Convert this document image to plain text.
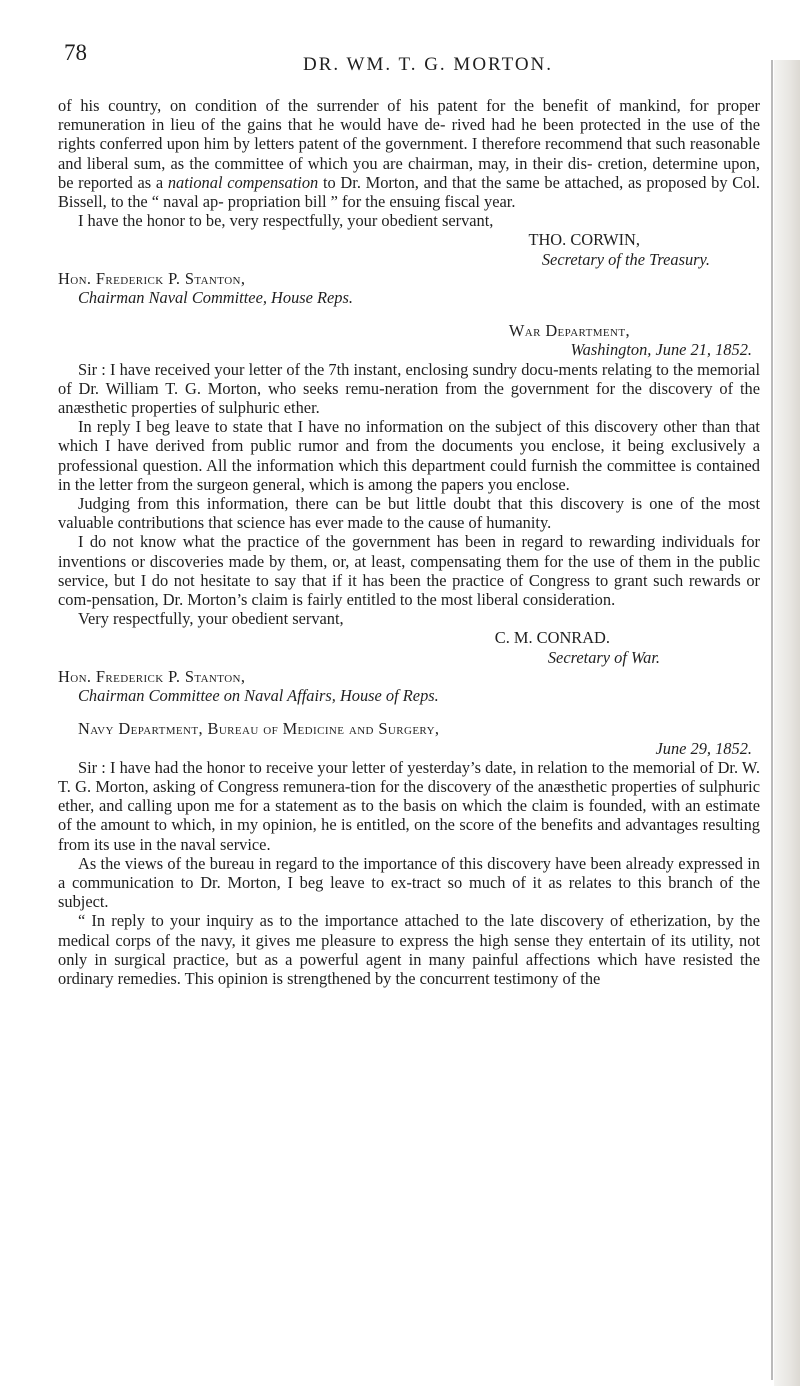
78	DR. WM. T. G. MORTON.
of his country, on condition of the surrender of his patent for the benefit of mankind, for proper remuneration in lieu of the gains that he would have de- rived had he been protected in the use of the rights conferred upon him by letters patent of the government. I therefore recommend that such reasonable and liberal sum, as the committee of which you are chairman, may, in their dis- cretion, determine upon, be reported as a national compensation to Dr. Morton, and that the same be attached, as proposed by Col. Bissell, to the “ naval ap- propriation bill ” for the ensuing fiscal year.

I have the honor to be, very respectfully, your obedient servant,

THO. CORWIN,
Secretary of the Treasury.
Hon. Frederick P. Stanton,
Chairman Naval Committee, House Reps.
War Department,
Washington, June 21, 1852.

Sir : I have received your letter of the 7th instant, enclosing sundry docu-ments relating to the memorial of Dr. William T. G. Morton, who seeks remu-neration from the government for the discovery of the anæsthetic properties of sulphuric ether.

In reply I beg leave to state that I have no information on the subject of this discovery other than that which I have derived from public rumor and from the documents you enclose, it being exclusively a professional question. All the information which this department could furnish the committee is contained in the letter from the surgeon general, which is among the papers you enclose.

Judging from this information, there can be but little doubt that this discovery is one of the most valuable contributions that science has ever made to the cause of humanity.

I do not know what the practice of the government has been in regard to rewarding individuals for inventions or discoveries made by them, or, at least, compensating them for the use of them in the public service, but I do not hesitate to say that if it has been the practice of Congress to grant such rewards or com-pensation, Dr. Morton’s claim is fairly entitled to the most liberal consideration.

Very respectfully, your obedient servant,

C. M. CONRAD.
Secretary of War.
Hon. Frederick P. Stanton,
Chairman Committee on Naval Affairs, House of Reps.
Navy Department, Bureau of Medicine and Surgery,
June 29, 1852.

Sir : I have had the honor to receive your letter of yesterday’s date, in relation to the memorial of Dr. W. T. G. Morton, asking of Congress remunera-tion for the discovery of the anæsthetic properties of sulphuric ether, and calling upon me for a statement as to the basis on which the claim is founded, with an estimate of the amount to which, in my opinion, he is entitled, on the score of the benefits and advantages resulting from its use in the naval service.

As the views of the bureau in regard to the importance of this discovery have been already expressed in a communication to Dr. Morton, I beg leave to ex-tract so much of it as relates to this branch of the subject.

“ In reply to your inquiry as to the importance attached to the late discovery of etherization, by the medical corps of the navy, it gives me pleasure to express the high sense they entertain of its utility, not only in surgical practice, but as a powerful agent in many painful affections which have resisted the ordinary remedies. This opinion is strengthened by the concurrent testimony of the
